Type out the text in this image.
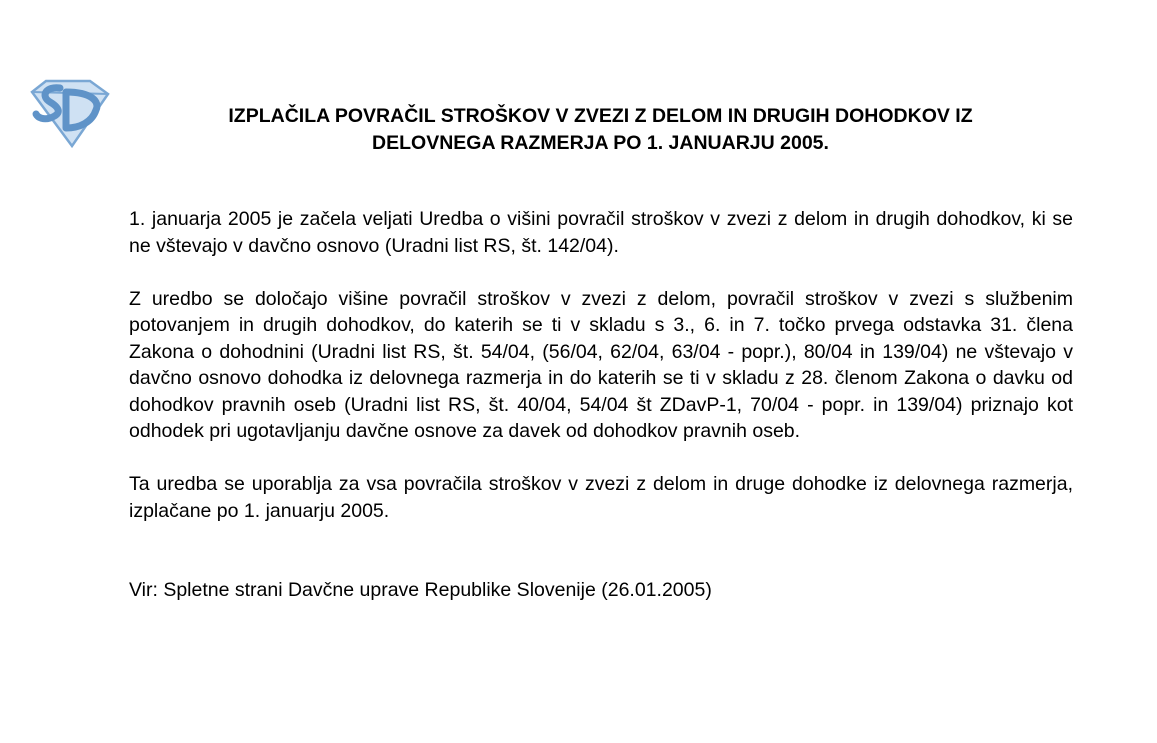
IZPLAČILA POVRAČIL STROŠKOV V ZVEZI Z DELOM IN DRUGIH DOHODKOV IZ
DELOVNEGA RAZMERJA PO 1. JANUARJU 2005.

1. januarja 2005 je začela veljati Uredba o višini povračil stroškov v zvezi z delom in drugih dohodkov, ki se ne vštevajo v davčno osnovo (Uradni list RS, št. 142/04).

Z uredbo se določajo višine povračil stroškov v zvezi z delom, povračil stroškov v zvezi s službenim potovanjem in drugih dohodkov, do katerih se ti v skladu s 3., 6. in 7. točko prvega odstavka 31. člena Zakona o dohodnini (Uradni list RS, št. 54/04, (56/04, 62/04, 63/04 - popr.), 80/04 in 139/04) ne vštevajo v davčno osnovo dohodka iz delovnega razmerja in do katerih se ti v skladu z 28. členom Zakona o davku od dohodkov pravnih oseb (Uradni list RS, št. 40/04, 54/04 št ZDavP-1, 70/04 - popr. in 139/04) priznajo kot odhodek pri ugotavljanju davčne osnove za davek od dohodkov pravnih oseb.

Ta uredba se uporablja za vsa povračila stroškov v zvezi z delom in druge dohodke iz delovnega razmerja, izplačane po 1. januarju 2005.

Vir: Spletne strani Davčne uprave Republike Slovenije (26.01.2005)
